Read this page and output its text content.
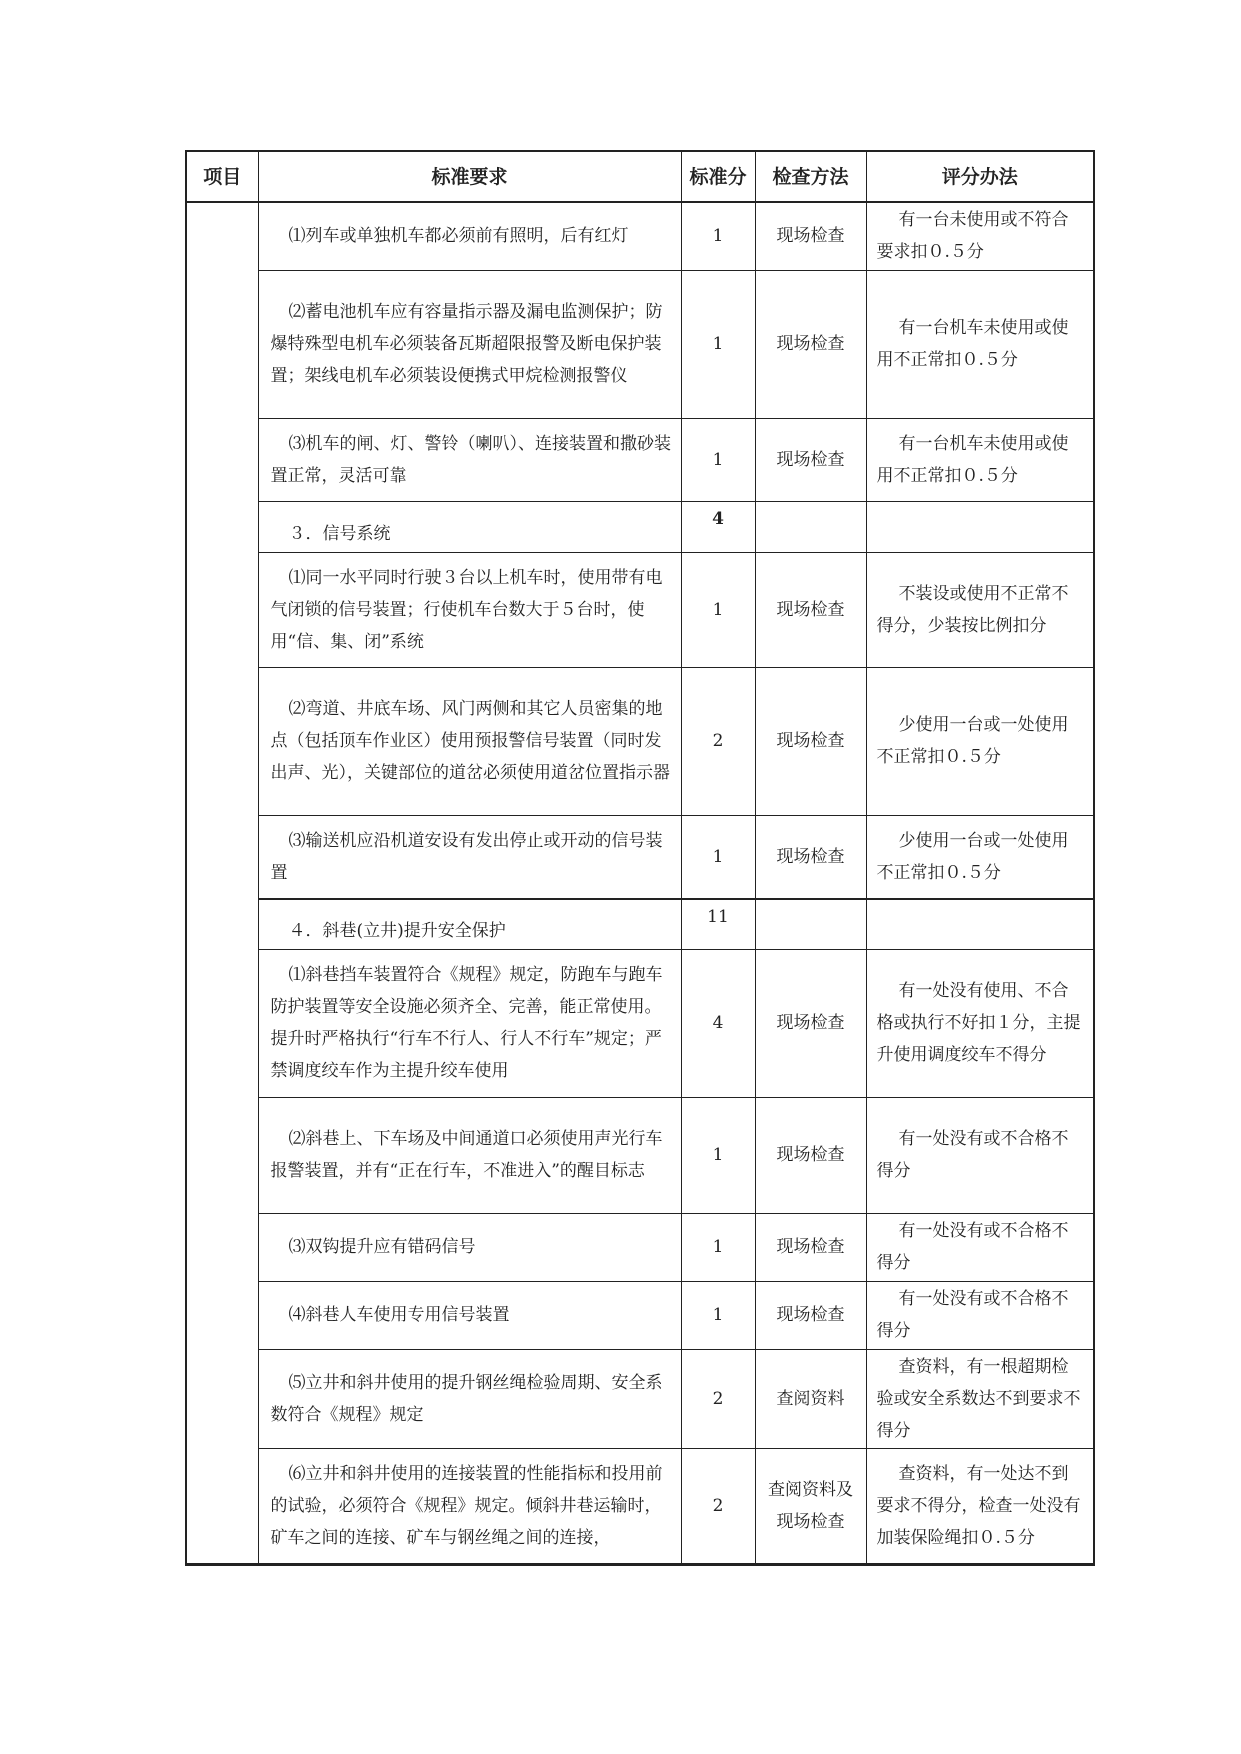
项目	标准要求	标准分	检查方法	评分办法
	⑴列车或单独机车都必须前有照明，后有红灯	1	现场检查	有一台未使用或不符合要求扣０.５分
	⑵蓄电池机车应有容量指示器及漏电监测保护；防爆特殊型电机车必须装备瓦斯超限报警及断电保护装置；架线电机车必须装设便携式甲烷检测报警仪	1	现场检查	有一台机车未使用或使用不正常扣０.５分
	⑶机车的闸、灯、警铃（喇叭）、连接装置和撒砂装置正常，灵活可靠	1	现场检查	有一台机车未使用或使用不正常扣０.５分
	３．信号系统	4		
	⑴同一水平同时行驶３台以上机车时，使用带有电气闭锁的信号装置；行使机车台数大于５台时，使用“信、集、闭”系统	1	现场检查	不装设或使用不正常不得分，少装按比例扣分
	⑵弯道、井底车场、风门两侧和其它人员密集的地点（包括顶车作业区）使用预报警信号装置（同时发出声、光），关键部位的道岔必须使用道岔位置指示器	2	现场检查	少使用一台或一处使用不正常扣０.５分
	⑶输送机应沿机道安设有发出停止或开动的信号装置	1	现场检查	少使用一台或一处使用不正常扣０.５分
	４．斜巷(立井)提升安全保护	11		
	⑴斜巷挡车装置符合《规程》规定，防跑车与跑车防护装置等安全设施必须齐全、完善，能正常使用。提升时严格执行“行车不行人、行人不行车”规定；严禁调度绞车作为主提升绞车使用	4	现场检查	有一处没有使用、不合格或执行不好扣１分，主提升使用调度绞车不得分
	⑵斜巷上、下车场及中间通道口必须使用声光行车报警装置，并有“正在行车，不准进入”的醒目标志	1	现场检查	有一处没有或不合格不得分
	⑶双钩提升应有错码信号	1	现场检查	有一处没有或不合格不得分
	⑷斜巷人车使用专用信号装置	1	现场检查	有一处没有或不合格不得分
	⑸立井和斜井使用的提升钢丝绳检验周期、安全系数符合《规程》规定	2	查阅资料	查资料，有一根超期检验或安全系数达不到要求不得分
	⑹立井和斜井使用的连接装置的性能指标和投用前的试验，必须符合《规程》规定。倾斜井巷运输时，矿车之间的连接、矿车与钢丝绳之间的连接，	2	查阅资料及现场检查	查资料，有一处达不到要求不得分，检查一处没有加装保险绳扣０.５分
